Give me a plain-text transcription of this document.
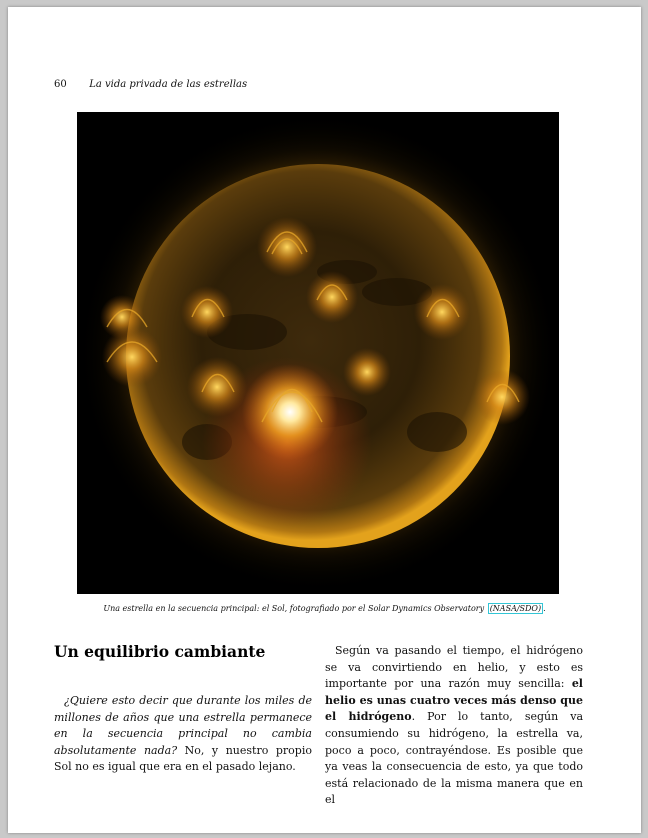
60 La vida privada de las estrellas
Una estrella en la secuencia principal: el Sol, fotografiado por el Solar Dynamics Observatory (NASA/SDO) .
Un equilibrio cambiante

¿Quiere esto decir que durante los miles de millones de años que una estrella permanece en la secuencia principal no cambia absolutamente nada? No, y nuestro propio Sol no es igual que era en el pasado lejano.

Según va pasando el tiempo, el hidrógeno se va convirtiendo en helio, y esto es importante por una razón muy sencilla: el helio es unas cuatro veces más denso que el hidrógeno. Por lo tanto, según va consumiendo su hidrógeno, la estrella va, poco a poco, contrayéndose. Es posible que ya veas la consecuencia de esto, ya que todo está relacionado de la misma manera que en el
